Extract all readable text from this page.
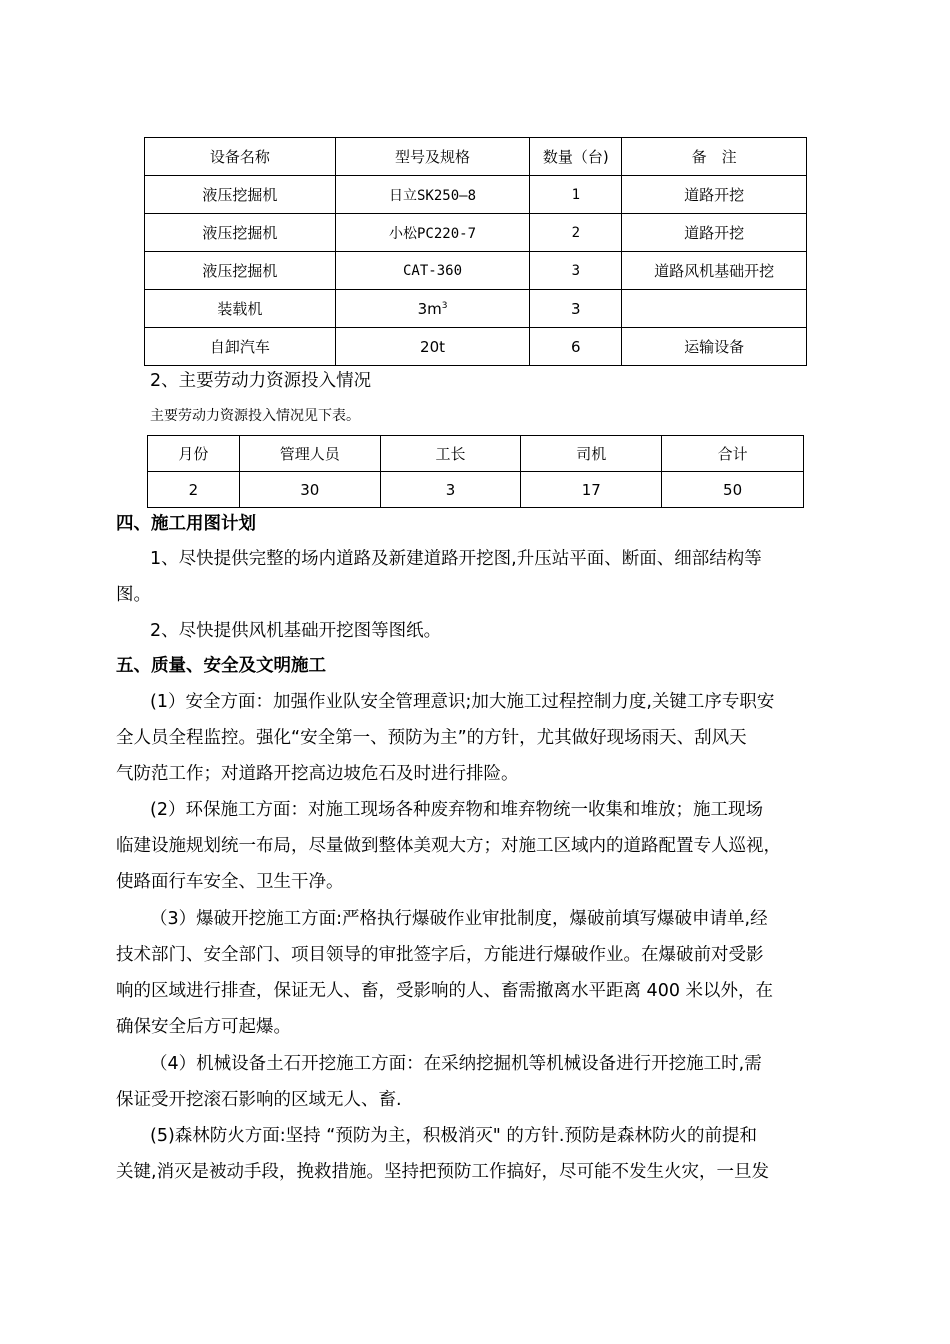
设备名称	型号及规格	数量（台)	备　注
液压挖掘机	日立SK250—8	1	道路开挖
液压挖掘机	小松PC220-7	2	道路开挖
液压挖掘机	CAT-360	3	道路风机基础开挖
装载机	$3m^3$	3	
自卸汽车	20t	6	运输设备
2、主要劳动力资源投入情况
主要劳动力资源投入情况见下表。
月份	管理人员	工长	司机	合计
2	30	3	17	50
四、施工用图计划
1、尽快提供完整的场内道路及新建道路开挖图,升压站平面、断面、细部结构等
图。
2、尽快提供风机基础开挖图等图纸。
五、质量、安全及文明施工
(1）安全方面：加强作业队安全管理意识;加大施工过程控制力度,关键工序专职安
全人员全程监控。强化“安全第一、预防为主”的方针，尤其做好现场雨天、刮风天
气防范工作；对道路开挖高边坡危石及时进行排险。
(2）环保施工方面：对施工现场各种废弃物和堆弃物统一收集和堆放；施工现场
临建设施规划统一布局，尽量做到整体美观大方；对施工区域内的道路配置专人巡视，
使路面行车安全、卫生干净。
（3）爆破开挖施工方面:严格执行爆破作业审批制度，爆破前填写爆破申请单,经
技术部门、安全部门、项目领导的审批签字后，方能进行爆破作业。在爆破前对受影
响的区域进行排查，保证无人、畜，受影响的人、畜需撤离水平距离 400 米以外，在
确保安全后方可起爆。
（4）机械设备土石开挖施工方面：在采纳挖掘机等机械设备进行开挖施工时,需
保证受开挖滚石影响的区域无人、畜.
(5)森林防火方面:坚持 “预防为主，积极消灭" 的方针.预防是森林防火的前提和
关键,消灭是被动手段，挽救措施。坚持把预防工作搞好，尽可能不发生火灾，一旦发
